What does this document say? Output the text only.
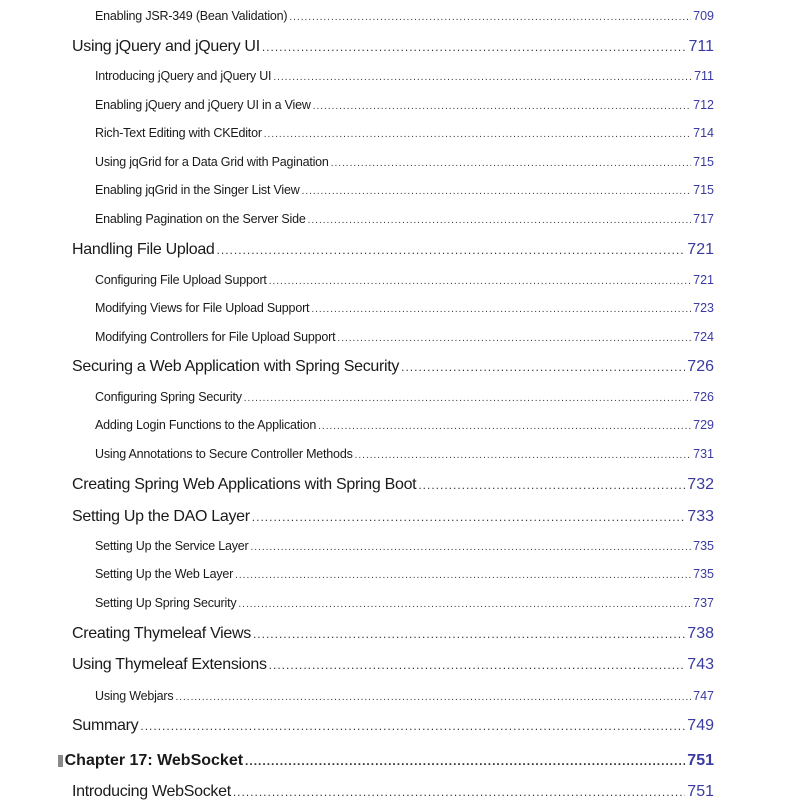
Enabling JSR-349 (Bean Validation) .....	709
Using jQuery and jQuery UI .....	711
Introducing jQuery and jQuery UI .....	711
Enabling jQuery and jQuery UI in a View .....	712
Rich-Text Editing with CKEditor .....	714
Using jqGrid for a Data Grid with Pagination .....	715
Enabling jqGrid in the Singer List View .....	715
Enabling Pagination on the Server Side .....	717
Handling File Upload .....	721
Configuring File Upload Support .....	721
Modifying Views for File Upload Support .....	723
Modifying Controllers for File Upload Support .....	724
Securing a Web Application with Spring Security .....	726
Configuring Spring Security .....	726
Adding Login Functions to the Application .....	729
Using Annotations to Secure Controller Methods .....	731
Creating Spring Web Applications with Spring Boot .....	732
Setting Up the DAO Layer .....	733
Setting Up the Service Layer .....	735
Setting Up the Web Layer .....	735
Setting Up Spring Security .....	737
Creating Thymeleaf Views .....	738
Using Thymeleaf Extensions .....	743
Using Webjars .....	747
Summary .....	749
Chapter 17: WebSocket .....	751
Introducing WebSocket .....	751
